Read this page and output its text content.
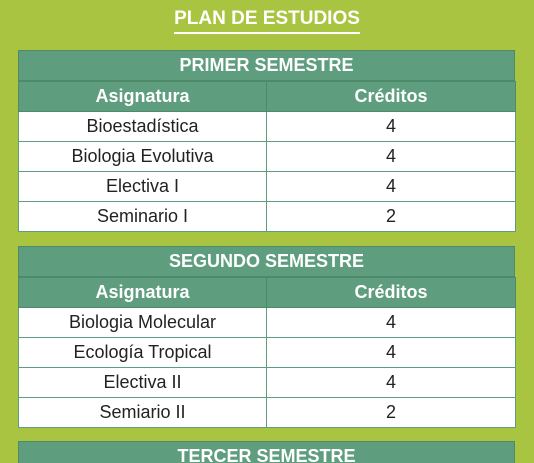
PLAN DE ESTUDIOS
PRIMER SEMESTRE
Asignatura	Créditos
Bioestadística	4
Biologia Evolutiva	4
Electiva I	4
Seminario I	2
SEGUNDO SEMESTRE
Asignatura	Créditos
Biologia Molecular	4
Ecología Tropical	4
Electiva II	4
Semiario II	2
TERCER SEMESTRE
